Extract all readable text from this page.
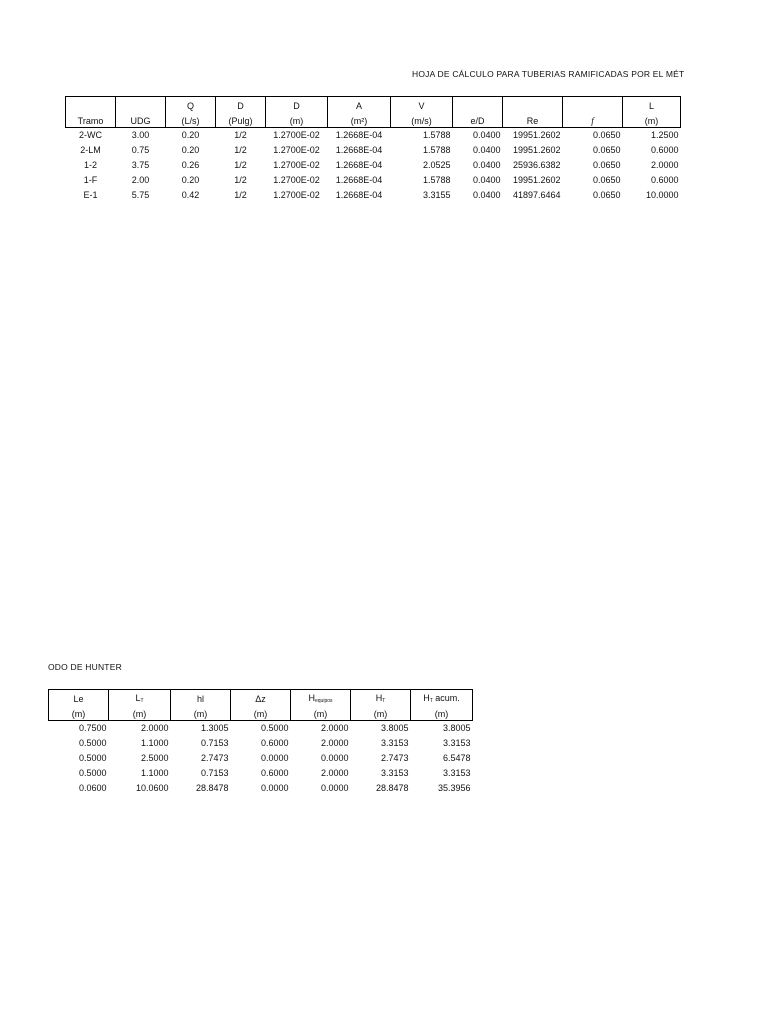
HOJA DE CÁLCULO PARA TUBERIAS RAMIFICADAS POR EL MÉT
		Q	D	D	A	V				L
Tramo	UDG	(L/s)	(Pulg)	(m)	(m²)	(m/s)	e/D	Re	f	(m)
2-WC	3.00	0.20	1/2	1.2700E-02	1.2668E-04	1.5788	0.0400	19951.2602	0.0650	1.2500
2-LM	0.75	0.20	1/2	1.2700E-02	1.2668E-04	1.5788	0.0400	19951.2602	0.0650	0.6000
1-2	3.75	0.26	1/2	1.2700E-02	1.2668E-04	2.0525	0.0400	25936.6382	0.0650	2.0000
1-F	2.00	0.20	1/2	1.2700E-02	1.2668E-04	1.5788	0.0400	19951.2602	0.0650	0.6000
E-1	5.75	0.42	1/2	1.2700E-02	1.2668E-04	3.3155	0.0400	41897.6464	0.0650	10.0000
ODO DE HUNTER
Le	$L_T$	hl	Δz	$H_{equipos}$	$H_T$	$H_T$ acum.
(m)	(m)	(m)	(m)	(m)	(m)	(m)
0.7500	2.0000	1.3005	0.5000	2.0000	3.8005	3.8005
0.5000	1.1000	0.7153	0.6000	2.0000	3.3153	3.3153
0.5000	2.5000	2.7473	0.0000	0.0000	2.7473	6.5478
0.5000	1.1000	0.7153	0.6000	2.0000	3.3153	3.3153
0.0600	10.0600	28.8478	0.0000	0.0000	28.8478	35.3956
